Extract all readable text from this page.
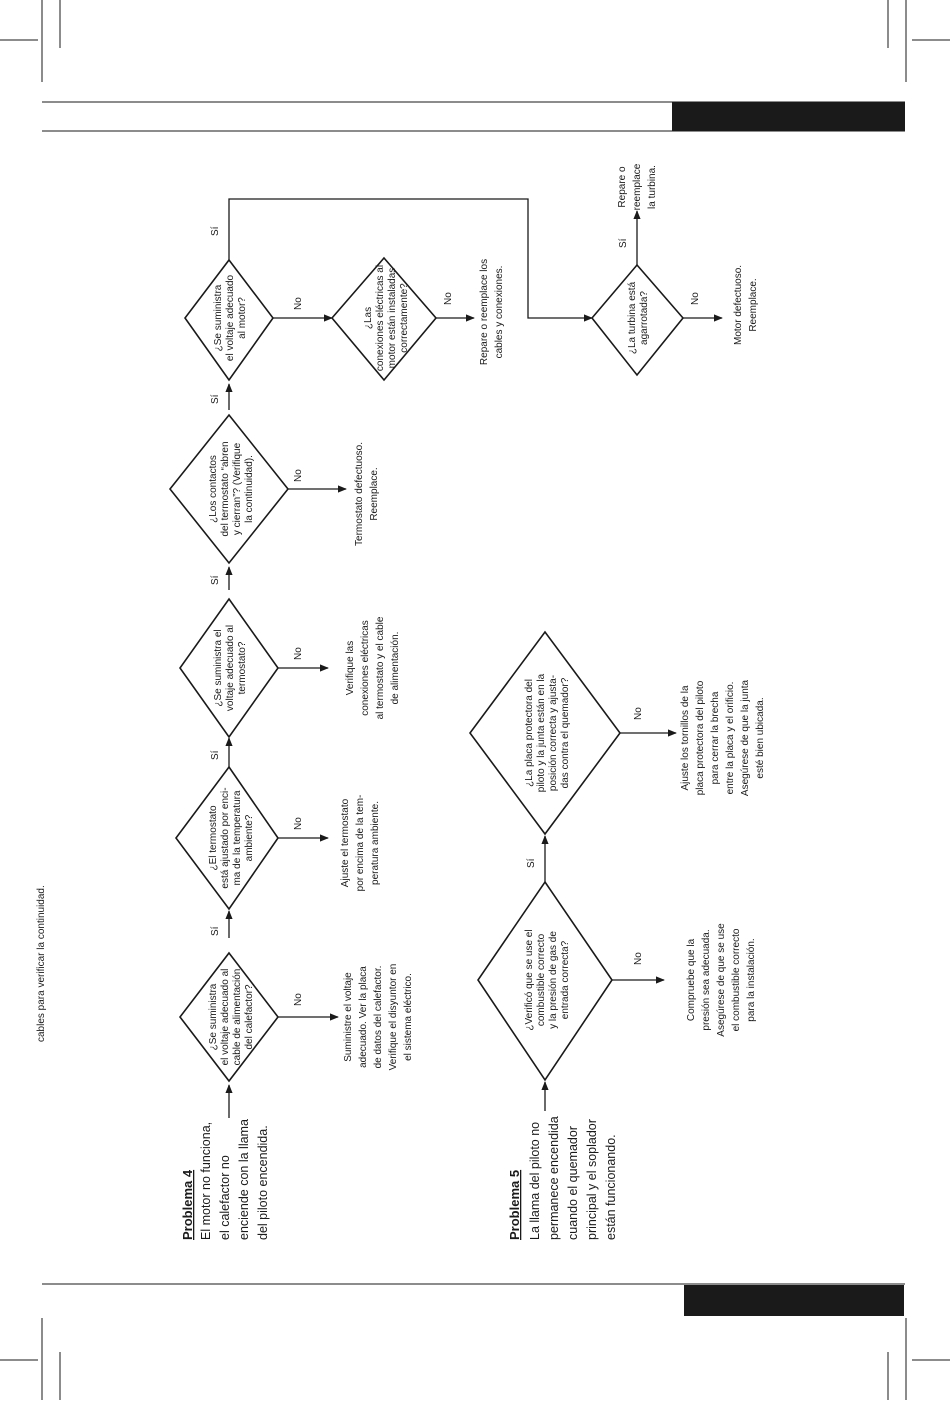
cables para verificar la continuidad.	Sí
Sí
Sí
Sí
Sí
Sí
Sí
No
No
No
No
No	No	No
No
No
Problema 4 El motor no funciona, el calefactor no enciende con la llama del piloto encendida.	Problema 5 La llama del piloto no permanece encendida cuando el quemador principal y el soplador están funcionando.
¿Se suministrael voltaje adecuado alcable de alimentacióndel calefactor?
¿El termostatoestá ajustado por enci-ma de la temperaturaambiente?
¿Se suministra elvoltaje adecuado altermostato?
¿Los contactosdel termostato “abreny cierran”? (Verifiquela continuidad).
¿Se suministrael voltaje adecuadoal motor?	¿Lasconexiones eléctricas almotor están instaladascorrectamente?	¿La turbina estáagarrotada?
¿Verificó que se use elcombustible correctoy la presión de gas deentrada correcta?
¿La placa protectora delpiloto y la junta están en laposición correcta y ajusta-das contra el quemador?
Suministre el voltaje adecuado. Ver la placa de datos del calefactor. Verifique el disyuntor en el sistema eléctrico.
Ajuste el termostato por encima de la tem- peratura ambiente.
Verifique las conexiones eléctricas al termostato y el cable de alimentación.
Termostato defectuoso. Reemplace.
Repare o reemplace los cables y conexiones.
Repare o reemplace la turbina.
Motor defectuoso. Reemplace.
Compruebe que la presión sea adecuada. Asegúrese de que se use el combustible correcto para la instalación.
Ajuste los tornillos de la placa protectora del piloto para cerrar la brecha entre la placa y el orificio. Asegúrese de que la junta esté bien ubicada.
